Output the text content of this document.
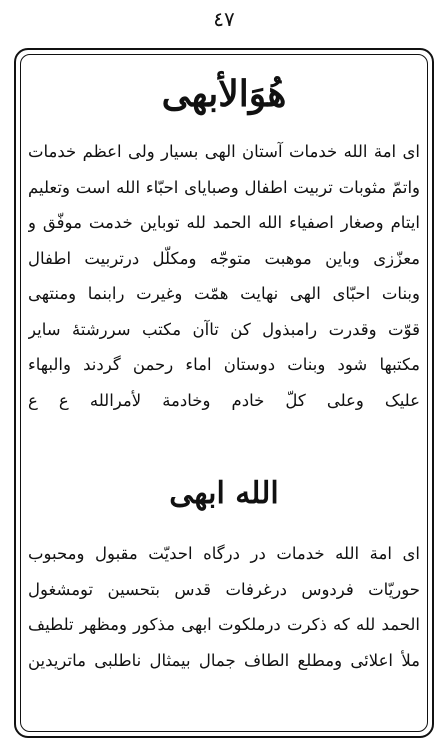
٤٧
هُوَالأبهی
ای امة الله خدمات آستان الهی بسیار ولی اعظم خدمات
واتمّ مثوبات تربیت اطفال وصبایای احبّاء الله است وتعلیم
ایتام وصغار اصفیاء الله الحمد لله توباین خدمت موفّق و
معزّزی وباین موهبت متوجّه ومکلّل درتربیت اطفال
وبنات احبّای الهی نهایت همّت وغیرت رابنما ومنتهی
قوّت وقدرت رامبذول کن تاآن مکتب سررشتۀ سایر
مکتبها شود وبنات دوستان اماء رحمن گردند والبهاء
علیک وعلی کلّ خادم وخادمة لأمرالله ع ع
الله ابهی
ای امة الله خدمات در درگاه احدیّت مقبول ومحبوب
حوریّات فردوس درغرفات قدس بتحسین تومشغول
الحمد لله که ذکرت درملکوت ابهی مذکور ومظهر تلطیف
ملأ اعلائی ومطلع الطاف جمال بیمثال ناطلبی ماتریدین
